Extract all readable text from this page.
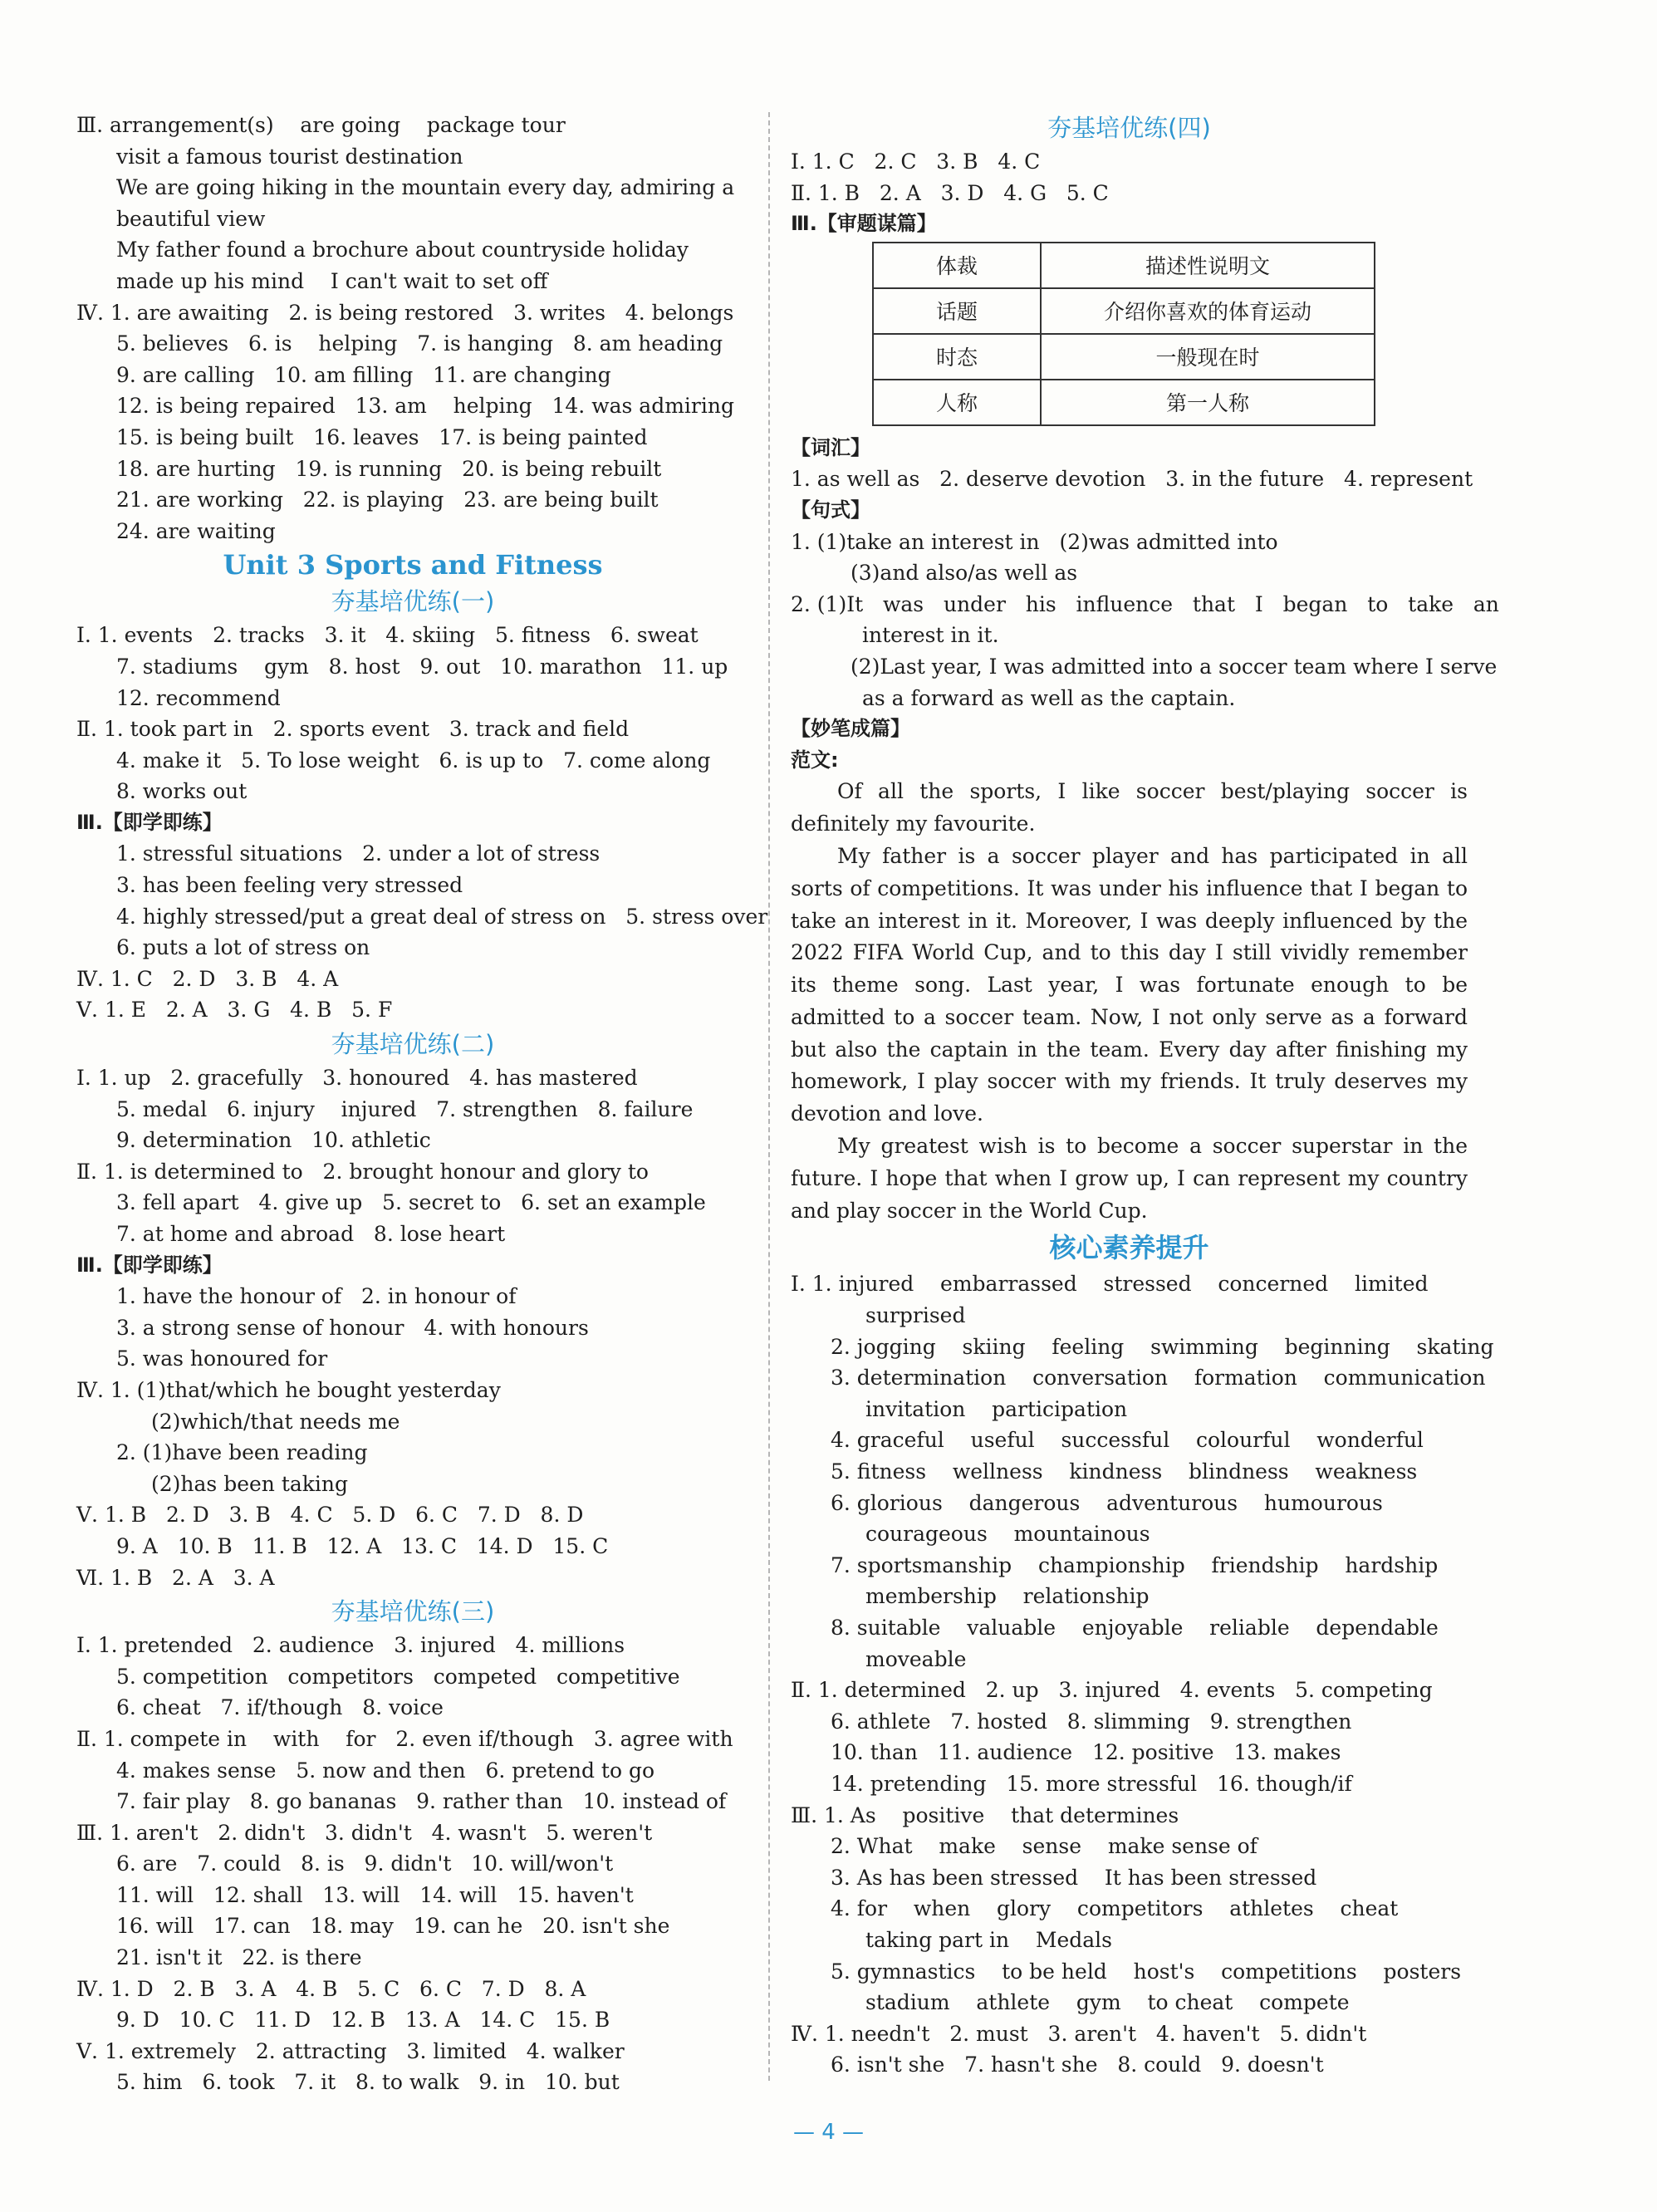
Ⅲ. arrangement(s)    are going    package tour
visit a famous tourist destination
We are going hiking in the mountain every day, admiring a
beautiful view
My father found a brochure about countryside holiday
made up his mind    I can't wait to set off
Ⅳ. 1. are awaiting   2. is being restored   3. writes   4. belongs
5. believes   6. is    helping   7. is hanging   8. am heading
9. are calling   10. am filling   11. are changing
12. is being repaired   13. am    helping   14. was admiring
15. is being built   16. leaves   17. is being painted
18. are hurting   19. is running   20. is being rebuilt
21. are working   22. is playing   23. are being built
24. are waiting
Unit 3 Sports and Fitness
夯基培优练(一)
Ⅰ. 1. events   2. tracks   3. it   4. skiing   5. fitness   6. sweat
7. stadiums    gym   8. host   9. out   10. marathon   11. up
12. recommend
Ⅱ. 1. took part in   2. sports event   3. track and field
4. make it   5. To lose weight   6. is up to   7. come along
8. works out
Ⅲ.【即学即练】
1. stressful situations   2. under a lot of stress
3. has been feeling very stressed
4. highly stressed/put a great deal of stress on   5. stress over
6. puts a lot of stress on
Ⅳ. 1. C   2. D   3. B   4. A
Ⅴ. 1. E   2. A   3. G   4. B   5. F
夯基培优练(二)
Ⅰ. 1. up   2. gracefully   3. honoured   4. has mastered
5. medal   6. injury    injured   7. strengthen   8. failure
9. determination   10. athletic
Ⅱ. 1. is determined to   2. brought honour and glory to
3. fell apart   4. give up   5. secret to   6. set an example
7. at home and abroad   8. lose heart
Ⅲ.【即学即练】
1. have the honour of   2. in honour of
3. a strong sense of honour   4. with honours
5. was honoured for
Ⅳ. 1. (1)that/which he bought yesterday
(2)which/that needs me
2. (1)have been reading
(2)has been taking
Ⅴ. 1. B   2. D   3. B   4. C   5. D   6. C   7. D   8. D
9. A   10. B   11. B   12. A   13. C   14. D   15. C
Ⅵ. 1. B   2. A   3. A
夯基培优练(三)
Ⅰ. 1. pretended   2. audience   3. injured   4. millions
5. competition   competitors   competed   competitive
6. cheat   7. if/though   8. voice
Ⅱ. 1. compete in    with    for   2. even if/though   3. agree with
4. makes sense   5. now and then   6. pretend to go
7. fair play   8. go bananas   9. rather than   10. instead of
Ⅲ. 1. aren't   2. didn't   3. didn't   4. wasn't   5. weren't
6. are   7. could   8. is   9. didn't   10. will/won't
11. will   12. shall   13. will   14. will   15. haven't
16. will   17. can   18. may   19. can he   20. isn't she
21. isn't it   22. is there
Ⅳ. 1. D   2. B   3. A   4. B   5. C   6. C   7. D   8. A
9. D   10. C   11. D   12. B   13. A   14. C   15. B
Ⅴ. 1. extremely   2. attracting   3. limited   4. walker
5. him   6. took   7. it   8. to walk   9. in   10. but
夯基培优练(四)
Ⅰ. 1. C   2. C   3. B   4. C
Ⅱ. 1. B   2. A   3. D   4. G   5. C
Ⅲ.【审题谋篇】
体裁	描述性说明文
话题	介绍你喜欢的体育运动
时态	一般现在时
人称	第一人称
【词汇】
1. as well as   2. deserve devotion   3. in the future   4. represent
【句式】
1. (1)take an interest in   (2)was admitted into
(3)and also/as well as
2. (1)It   was   under   his   influence   that   I   began   to   take   an
interest in it.
(2)Last year, I was admitted into a soccer team where I serve
as a forward as well as the captain.
【妙笔成篇】
范文:
Of all the sports, I like soccer best/playing soccer is definitely my favourite.
My father is a soccer player and has participated in all sorts of competitions. It was under his influence that I began to take an interest in it. Moreover, I was deeply influenced by the 2022 FIFA World Cup, and to this day I still vividly remember its theme song. Last year, I was fortunate enough to be admitted to a soccer team. Now, I not only serve as a forward but also the captain in the team. Every day after finishing my homework, I play soccer with my friends. It truly deserves my devotion and love.
My greatest wish is to become a soccer superstar in the future. I hope that when I grow up, I can represent my country and play soccer in the World Cup.
核心素养提升
Ⅰ. 1. injured    embarrassed    stressed    concerned    limited
surprised
2. jogging    skiing    feeling    swimming    beginning    skating
3. determination    conversation    formation    communication
invitation    participation
4. graceful    useful    successful    colourful    wonderful
5. fitness    wellness    kindness    blindness    weakness
6. glorious    dangerous    adventurous    humourous
courageous    mountainous
7. sportsmanship    championship    friendship    hardship
membership    relationship
8. suitable    valuable    enjoyable    reliable    dependable
moveable
Ⅱ. 1. determined   2. up   3. injured   4. events   5. competing
6. athlete   7. hosted   8. slimming   9. strengthen
10. than   11. audience   12. positive   13. makes
14. pretending   15. more stressful   16. though/if
Ⅲ. 1. As    positive    that determines
2. What    make    sense    make sense of
3. As has been stressed    It has been stressed
4. for    when    glory    competitors    athletes    cheat
taking part in    Medals
5. gymnastics    to be held    host's    competitions    posters
stadium    athlete    gym    to cheat    compete
Ⅳ. 1. needn't   2. must   3. aren't   4. haven't   5. didn't
6. isn't she   7. hasn't she   8. could   9. doesn't
— 4 —
